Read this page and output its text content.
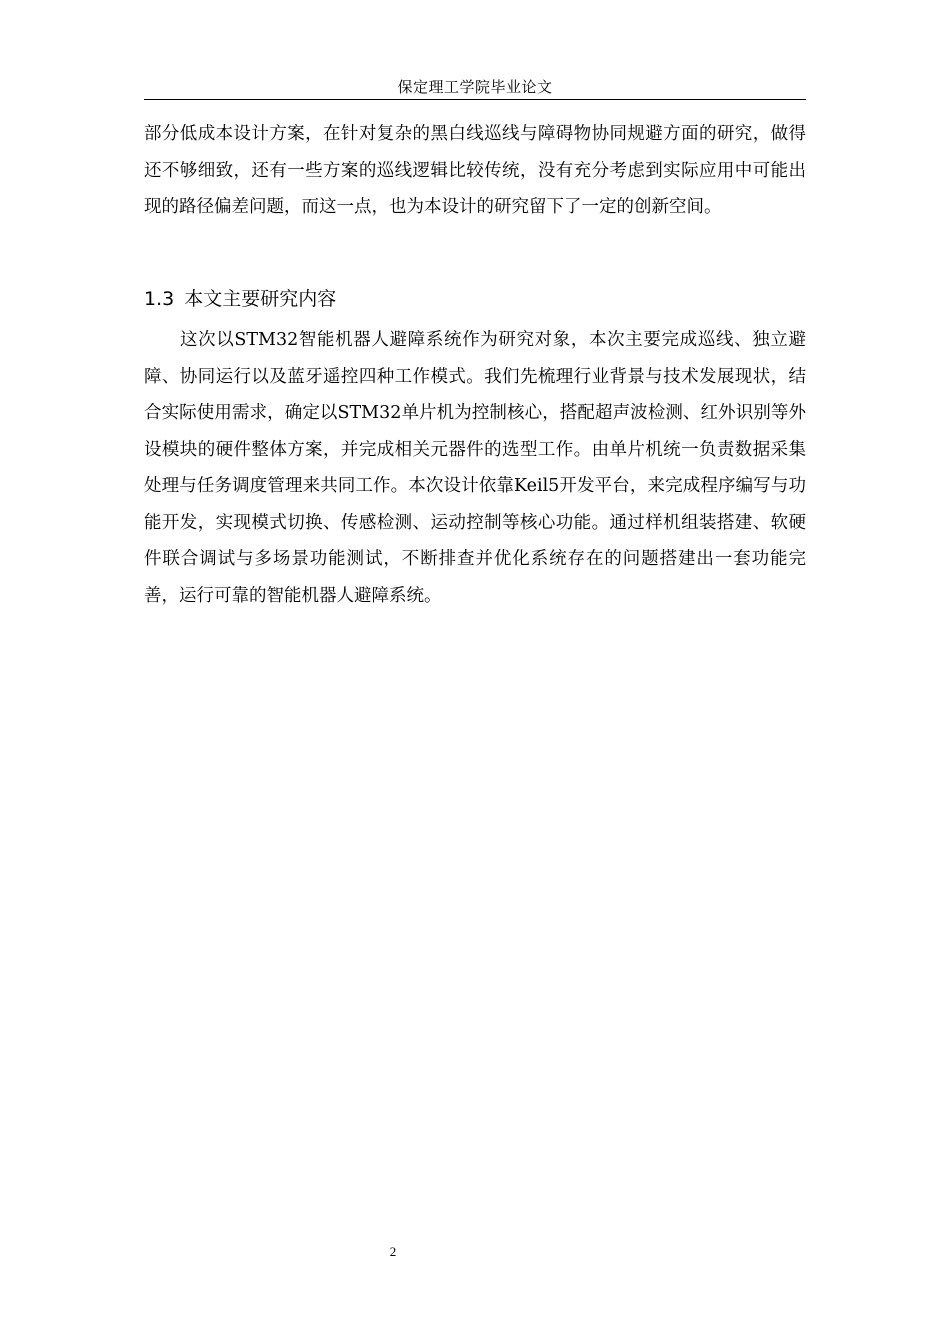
保定理工学院毕业论文

部分低成本设计方案，在针对复杂的黑白线巡线与障碍物协同规避方面的研究，做得还不够细致，还有一些方案的巡线逻辑比较传统，没有充分考虑到实际应用中可能出现的路径偏差问题，而这一点，也为本设计的研究留下了一定的创新空间。

1.3 本文主要研究内容

这次以STM32智能机器人避障系统作为研究对象，本次主要完成巡线、独立避障、协同运行以及蓝牙遥控四种工作模式。我们先梳理行业背景与技术发展现状，结合实际使用需求，确定以STM32单片机为控制核心，搭配超声波检测、红外识别等外设模块的硬件整体方案，并完成相关元器件的选型工作。由单片机统一负责数据采集处理与任务调度管理来共同工作。本次设计依靠Keil5开发平台，来完成程序编写与功能开发，实现模式切换、传感检测、运动控制等核心功能。通过样机组装搭建、软硬件联合调试与多场景功能测试，不断排查并优化系统存在的问题搭建出一套功能完善，运行可靠的智能机器人避障系统。

2
